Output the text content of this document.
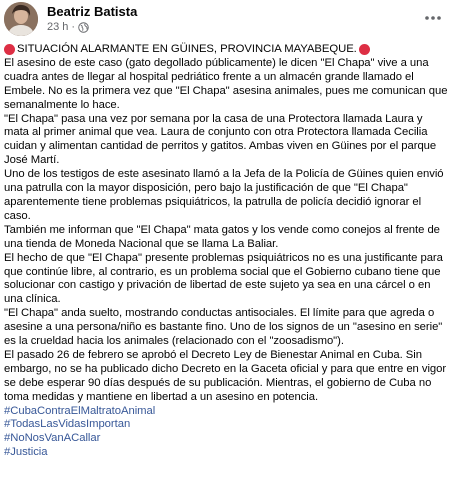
Beatriz Batista
23 h ·

SITUACIÓN ALARMANTE EN GÜINES, PROVINCIA MAYABEQUE.

El asesino de este caso (gato degollado públicamente) le dicen "El Chapa" vive a una cuadra antes de llegar al hospital pedriático frente a un almacén grande llamado el Embele. No es la primera vez que "El Chapa" asesina animales, pues me comunican que semanalmente lo hace.

"El Chapa" pasa una vez por semana por la casa de una Protectora llamada Laura y mata al primer animal que vea. Laura de conjunto con otra Protectora llamada Cecilia cuidan y alimentan cantidad de perritos y gatitos. Ambas viven en Güines por el parque José Martí.

Uno de los testigos de este asesinato llamó a la Jefa de la Policía de Güines quien envió una patrulla con la mayor disposición, pero bajo la justificación de que "El Chapa" aparentemente tiene problemas psiquiátricos, la patrulla de policía decidió ignorar el caso.

También me informan que "El Chapa" mata gatos y los vende como conejos al frente de una tienda de Moneda Nacional que se llama La Baliar.

El hecho de que "El Chapa" presente problemas psiquiátricos no es una justificante para que continúe libre, al contrario, es un problema social que el Gobierno cubano tiene que solucionar con castigo y privación de libertad de este sujeto ya sea en una cárcel o en una clínica.

"El Chapa" anda suelto, mostrando conductas antisociales. El límite para que agreda o asesine a una persona/niño es bastante fino. Uno de los signos de un "asesino en serie" es la crueldad hacia los animales (relacionado con el "zoosadismo").

El pasado 26 de febrero se aprobó el Decreto Ley de Bienestar Animal en Cuba. Sin embargo, no se ha publicado dicho Decreto en la Gaceta oficial y para que entre en vigor se debe esperar 90 días después de su publicación. Mientras, el gobierno de Cuba no toma medidas y mantiene en libertad a un asesino en potencia.

#CubaContraElMaltratoAnimal
#TodasLasVidasImportan
#NoNosVanACallar
#Justicia
